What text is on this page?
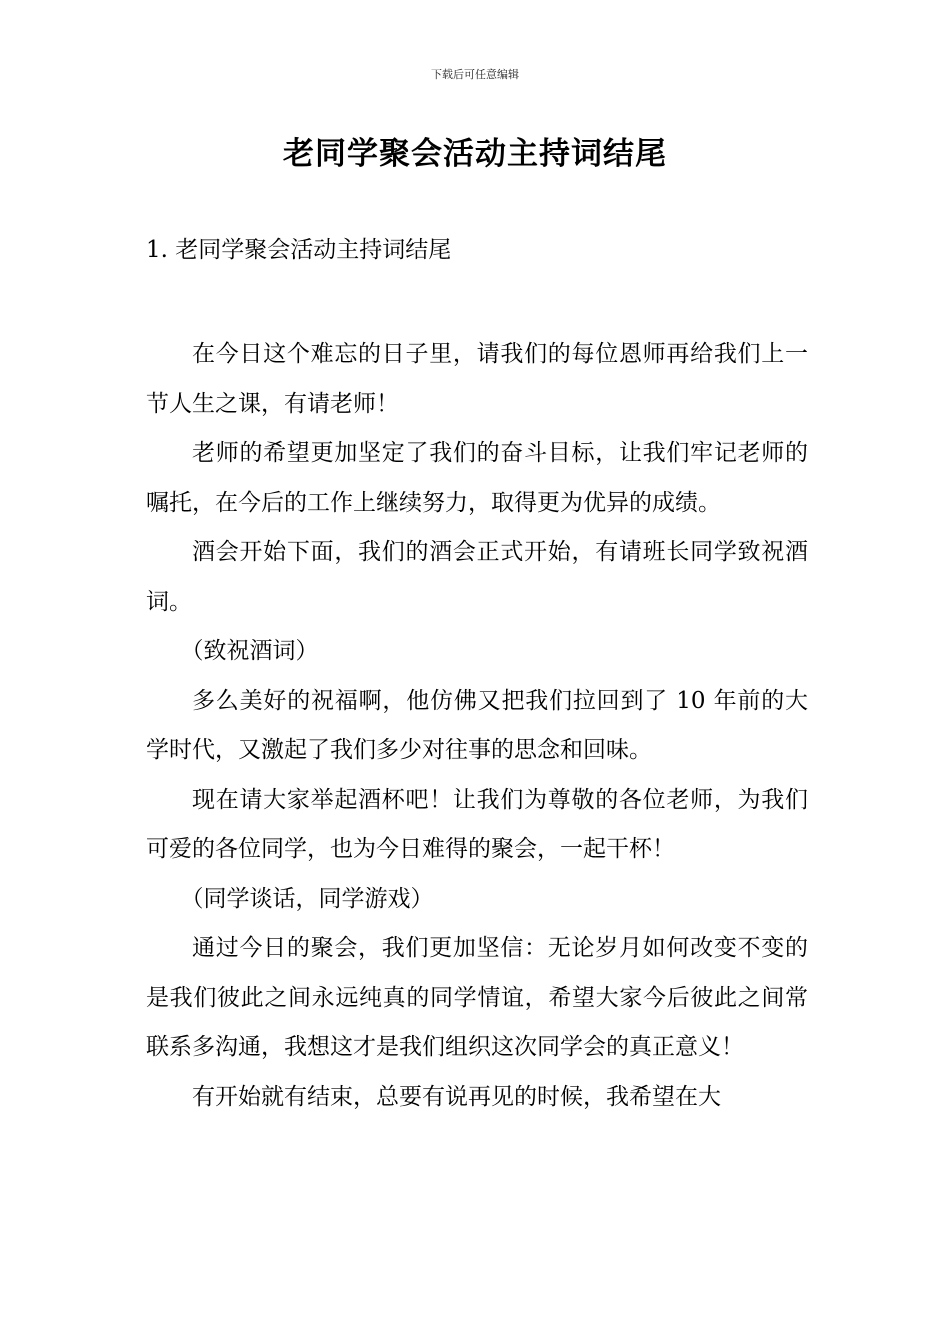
下载后可任意编辑
老同学聚会活动主持词结尾
1. 老同学聚会活动主持词结尾

在今日这个难忘的日子里，请我们的每位恩师再给我们上一节人生之课，有请老师！

老师的希望更加坚定了我们的奋斗目标，让我们牢记老师的嘱托，在今后的工作上继续努力，取得更为优异的成绩。

酒会开始下面，我们的酒会正式开始，有请班长同学致祝酒词。

（致祝酒词）

多么美好的祝福啊，他仿佛又把我们拉回到了 10 年前的大学时代，又激起了我们多少对往事的思念和回味。

现在请大家举起酒杯吧！让我们为尊敬的各位老师，为我们可爱的各位同学，也为今日难得的聚会，一起干杯！

（同学谈话，同学游戏）

通过今日的聚会，我们更加坚信：无论岁月如何改变不变的是我们彼此之间永远纯真的同学情谊，希望大家今后彼此之间常联系多沟通，我想这才是我们组织这次同学会的真正意义！

有开始就有结束，总要有说再见的时候，我希望在大
